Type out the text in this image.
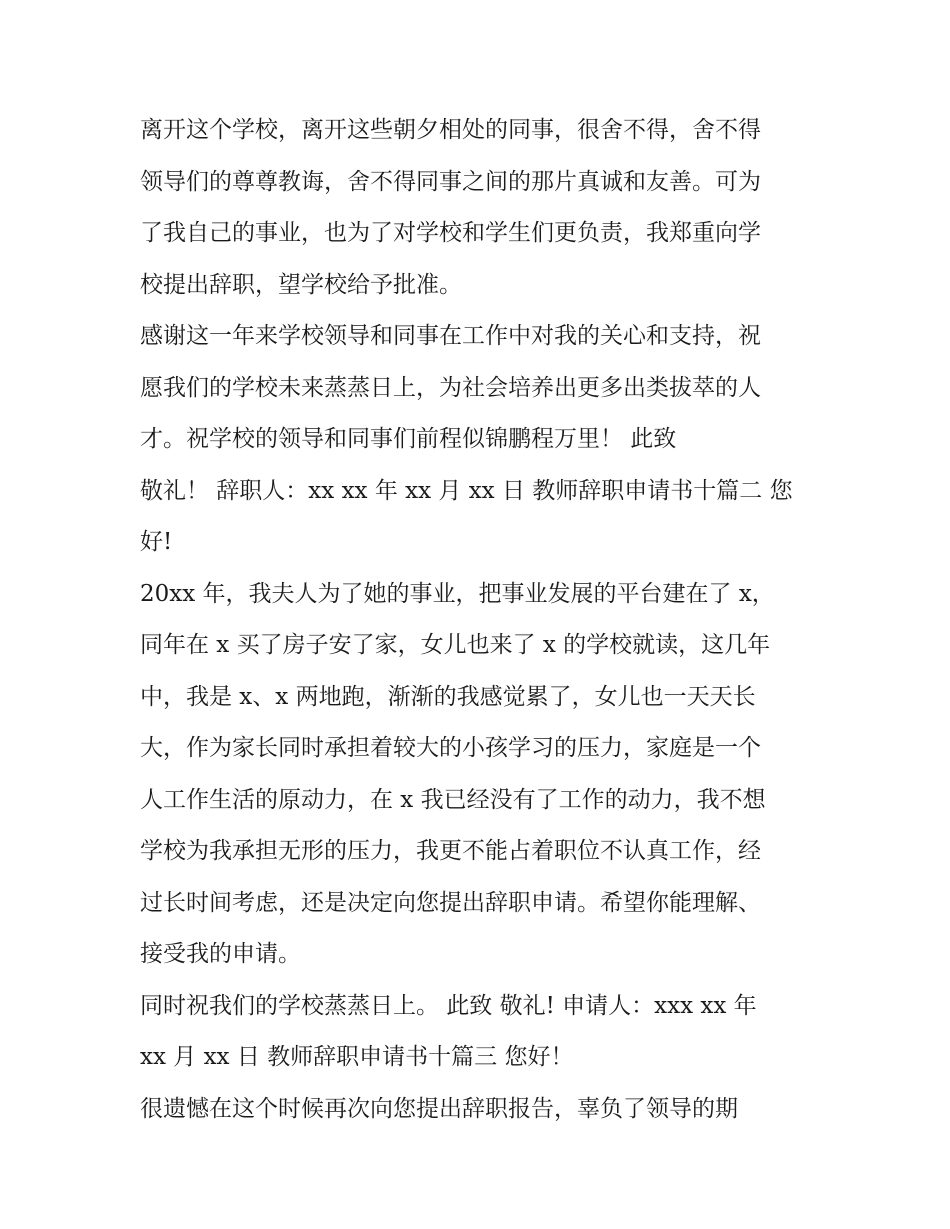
离开这个学校，离开这些朝夕相处的同事，很舍不得，舍不得
领导们的尊尊教诲，舍不得同事之间的那片真诚和友善。可为
了我自己的事业，也为了对学校和学生们更负责，我郑重向学
校提出辞职，望学校给予批准。
感谢这一年来学校领导和同事在工作中对我的关心和支持，祝
愿我们的学校未来蒸蒸日上，为社会培养出更多出类拔萃的人
才。祝学校的领导和同事们前程似锦鹏程万里！ 此致
敬礼！ 辞职人：xx xx 年 xx 月 xx 日 教师辞职申请书十篇二 您
好!
20xx 年，我夫人为了她的事业，把事业发展的平台建在了 x，
同年在 x 买了房子安了家，女儿也来了 x 的学校就读，这几年
中，我是 x、x 两地跑，渐渐的我感觉累了，女儿也一天天长
大，作为家长同时承担着较大的小孩学习的压力，家庭是一个
人工作生活的原动力，在 x 我已经没有了工作的动力，我不想
学校为我承担无形的压力，我更不能占着职位不认真工作，经
过长时间考虑，还是决定向您提出辞职申请。希望你能理解、
接受我的申请。
同时祝我们的学校蒸蒸日上。 此致 敬礼! 申请人：xxx xx 年
xx 月 xx 日 教师辞职申请书十篇三 您好！
很遗憾在这个时候再次向您提出辞职报告，辜负了领导的期
